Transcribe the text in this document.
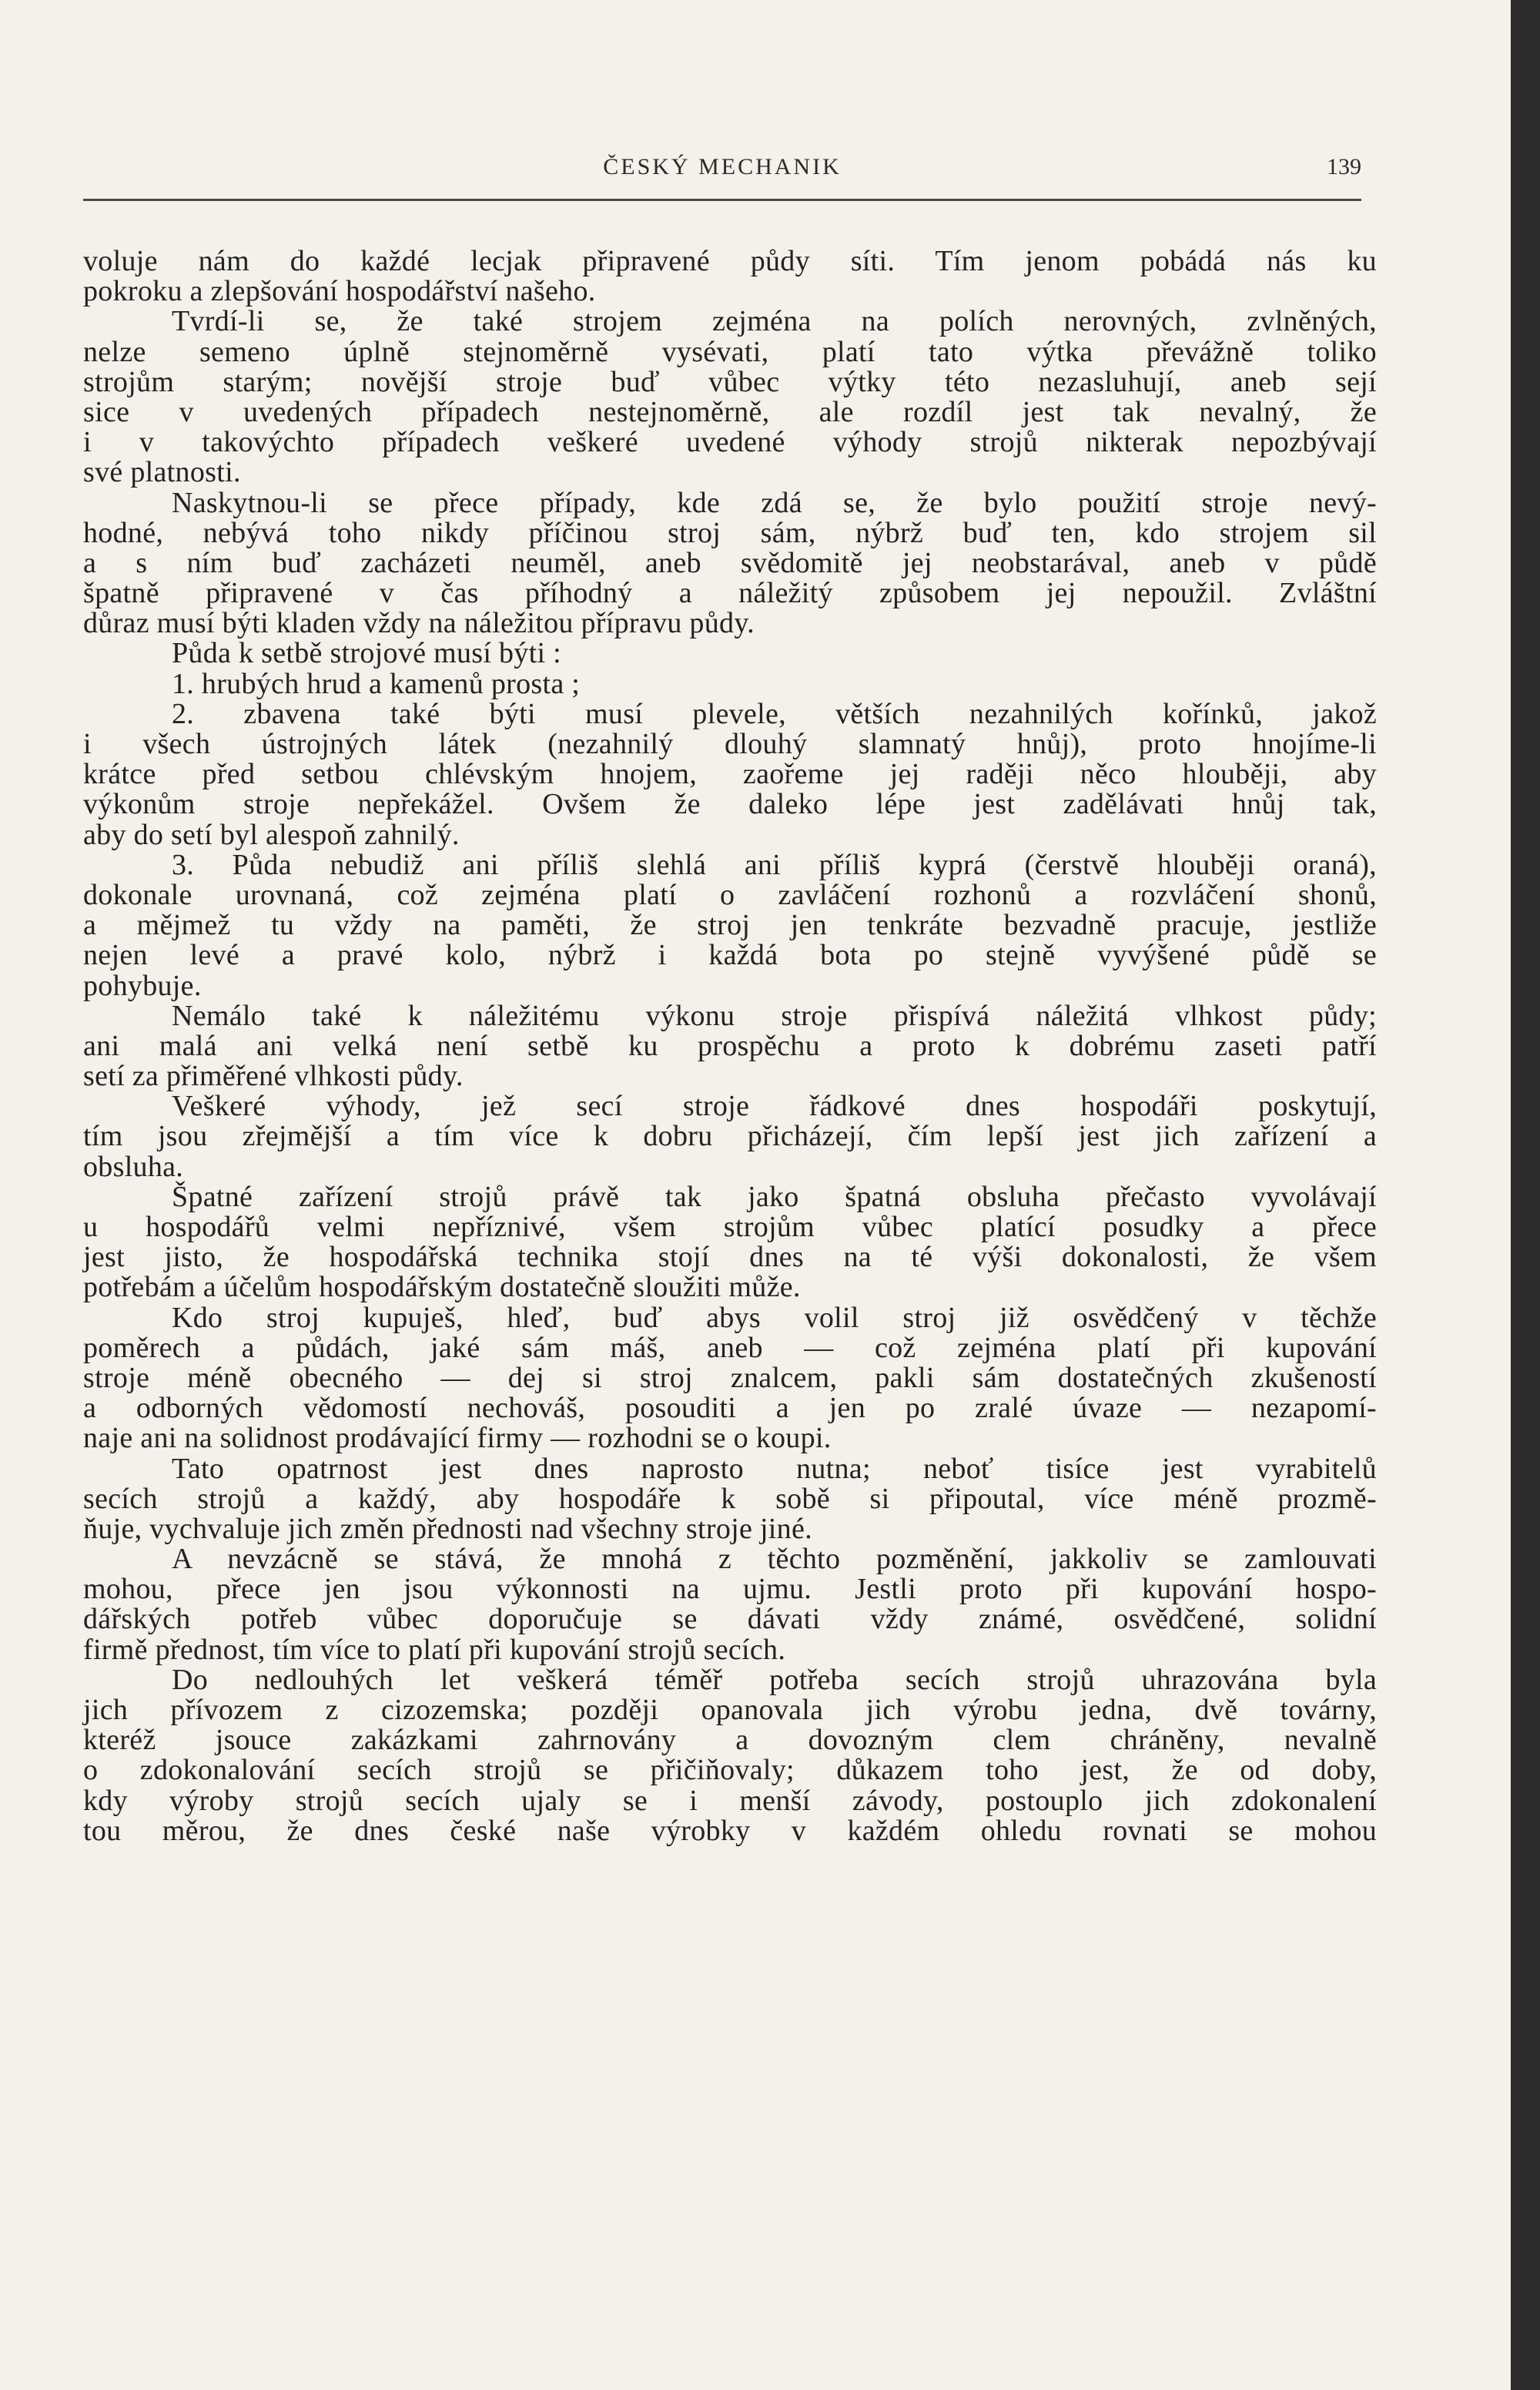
ČESKÝ MECHANIK	139
voluje nám do každé lecjak připravené půdy síti. Tím jenom pobádá nás ku
pokroku a zlepšování hospodářství našeho.
Tvrdí-li se, že také strojem zejména na polích nerovných, zvlněných,
nelze semeno úplně stejnoměrně vysévati, platí tato výtka převážně toliko
strojům starým; novější stroje buď vůbec výtky této nezasluhují, aneb sejí
sice v uvedených případech nestejnoměrně, ale rozdíl jest tak nevalný, že
i v takovýchto případech veškeré uvedené výhody strojů nikterak nepozbývají
své platnosti.
Naskytnou-li se přece případy, kde zdá se, že bylo použití stroje nevý-
hodné, nebývá toho nikdy příčinou stroj sám, nýbrž buď ten, kdo strojem sil
a s ním buď zacházeti neuměl, aneb svědomitě jej neobstarával, aneb v půdě
špatně připravené v čas příhodný a náležitý způsobem jej nepoužil. Zvláštní
důraz musí býti kladen vždy na náležitou přípravu půdy.
Půda k setbě strojové musí býti :
1. hrubých hrud a kamenů prosta ;
2. zbavena také býti musí plevele, větších nezahnilých kořínků, jakož
i všech ústrojných látek (nezahnilý dlouhý slamnatý hnůj), proto hnojíme-li
krátce před setbou chlévským hnojem, zaořeme jej raději něco hlouběji, aby
výkonům stroje nepřekážel. Ovšem že daleko lépe jest zadělávati hnůj tak,
aby do setí byl alespoň zahnilý.
3. Půda nebudiž ani příliš slehlá ani příliš kyprá (čerstvě hlouběji oraná),
dokonale urovnaná, což zejména platí o zavláčení rozhonů a rozvláčení shonů,
a mějmež tu vždy na paměti, že stroj jen tenkráte bezvadně pracuje, jestliže
nejen levé a pravé kolo, nýbrž i každá bota po stejně vyvýšené půdě se
pohybuje.
Nemálo také k náležitému výkonu stroje přispívá náležitá vlhkost půdy;
ani malá ani velká není setbě ku prospěchu a proto k dobrému zaseti patří
setí za přiměřené vlhkosti půdy.
Veškeré výhody, jež secí stroje řádkové dnes hospodáři poskytují,
tím jsou zřejmější a tím více k dobru přicházejí, čím lepší jest jich zařízení a
obsluha.
Špatné zařízení strojů právě tak jako špatná obsluha přečasto vyvolávají
u hospodářů velmi nepříznivé, všem strojům vůbec platící posudky a přece
jest jisto, že hospodářská technika stojí dnes na té výši dokonalosti, že všem
potřebám a účelům hospodářským dostatečně sloužiti může.
Kdo stroj kupuješ, hleď, buď abys volil stroj již osvědčený v těchže
poměrech a půdách, jaké sám máš, aneb — což zejména platí při kupování
stroje méně obecného — dej si stroj znalcem, pakli sám dostatečných zkušeností
a odborných vědomostí nechováš, posouditi a jen po zralé úvaze — nezapomí-
naje ani na solidnost prodávající firmy — rozhodni se o koupi.
Tato opatrnost jest dnes naprosto nutna; neboť tisíce jest vyrabitelů
secích strojů a každý, aby hospodáře k sobě si připoutal, více méně prozmě-
ňuje, vychvaluje jich změn přednosti nad všechny stroje jiné.
A nevzácně se stává, že mnohá z těchto pozměnění, jakkoliv se zamlouvati
mohou, přece jen jsou výkonnosti na ujmu. Jestli proto při kupování hospo-
dářských potřeb vůbec doporučuje se dávati vždy známé, osvědčené, solidní
firmě přednost, tím více to platí při kupování strojů secích.
Do nedlouhých let veškerá téměř potřeba secích strojů uhrazována byla
jich přívozem z cizozemska; později opanovala jich výrobu jedna, dvě továrny,
kteréž jsouce zakázkami zahrnovány a dovozným clem chráněny, nevalně
o zdokonalování secích strojů se přičiňovaly; důkazem toho jest, že od doby,
kdy výroby strojů secích ujaly se i menší závody, postouplo jich zdokonalení
tou měrou, že dnes české naše výrobky v každém ohledu rovnati se mohou
